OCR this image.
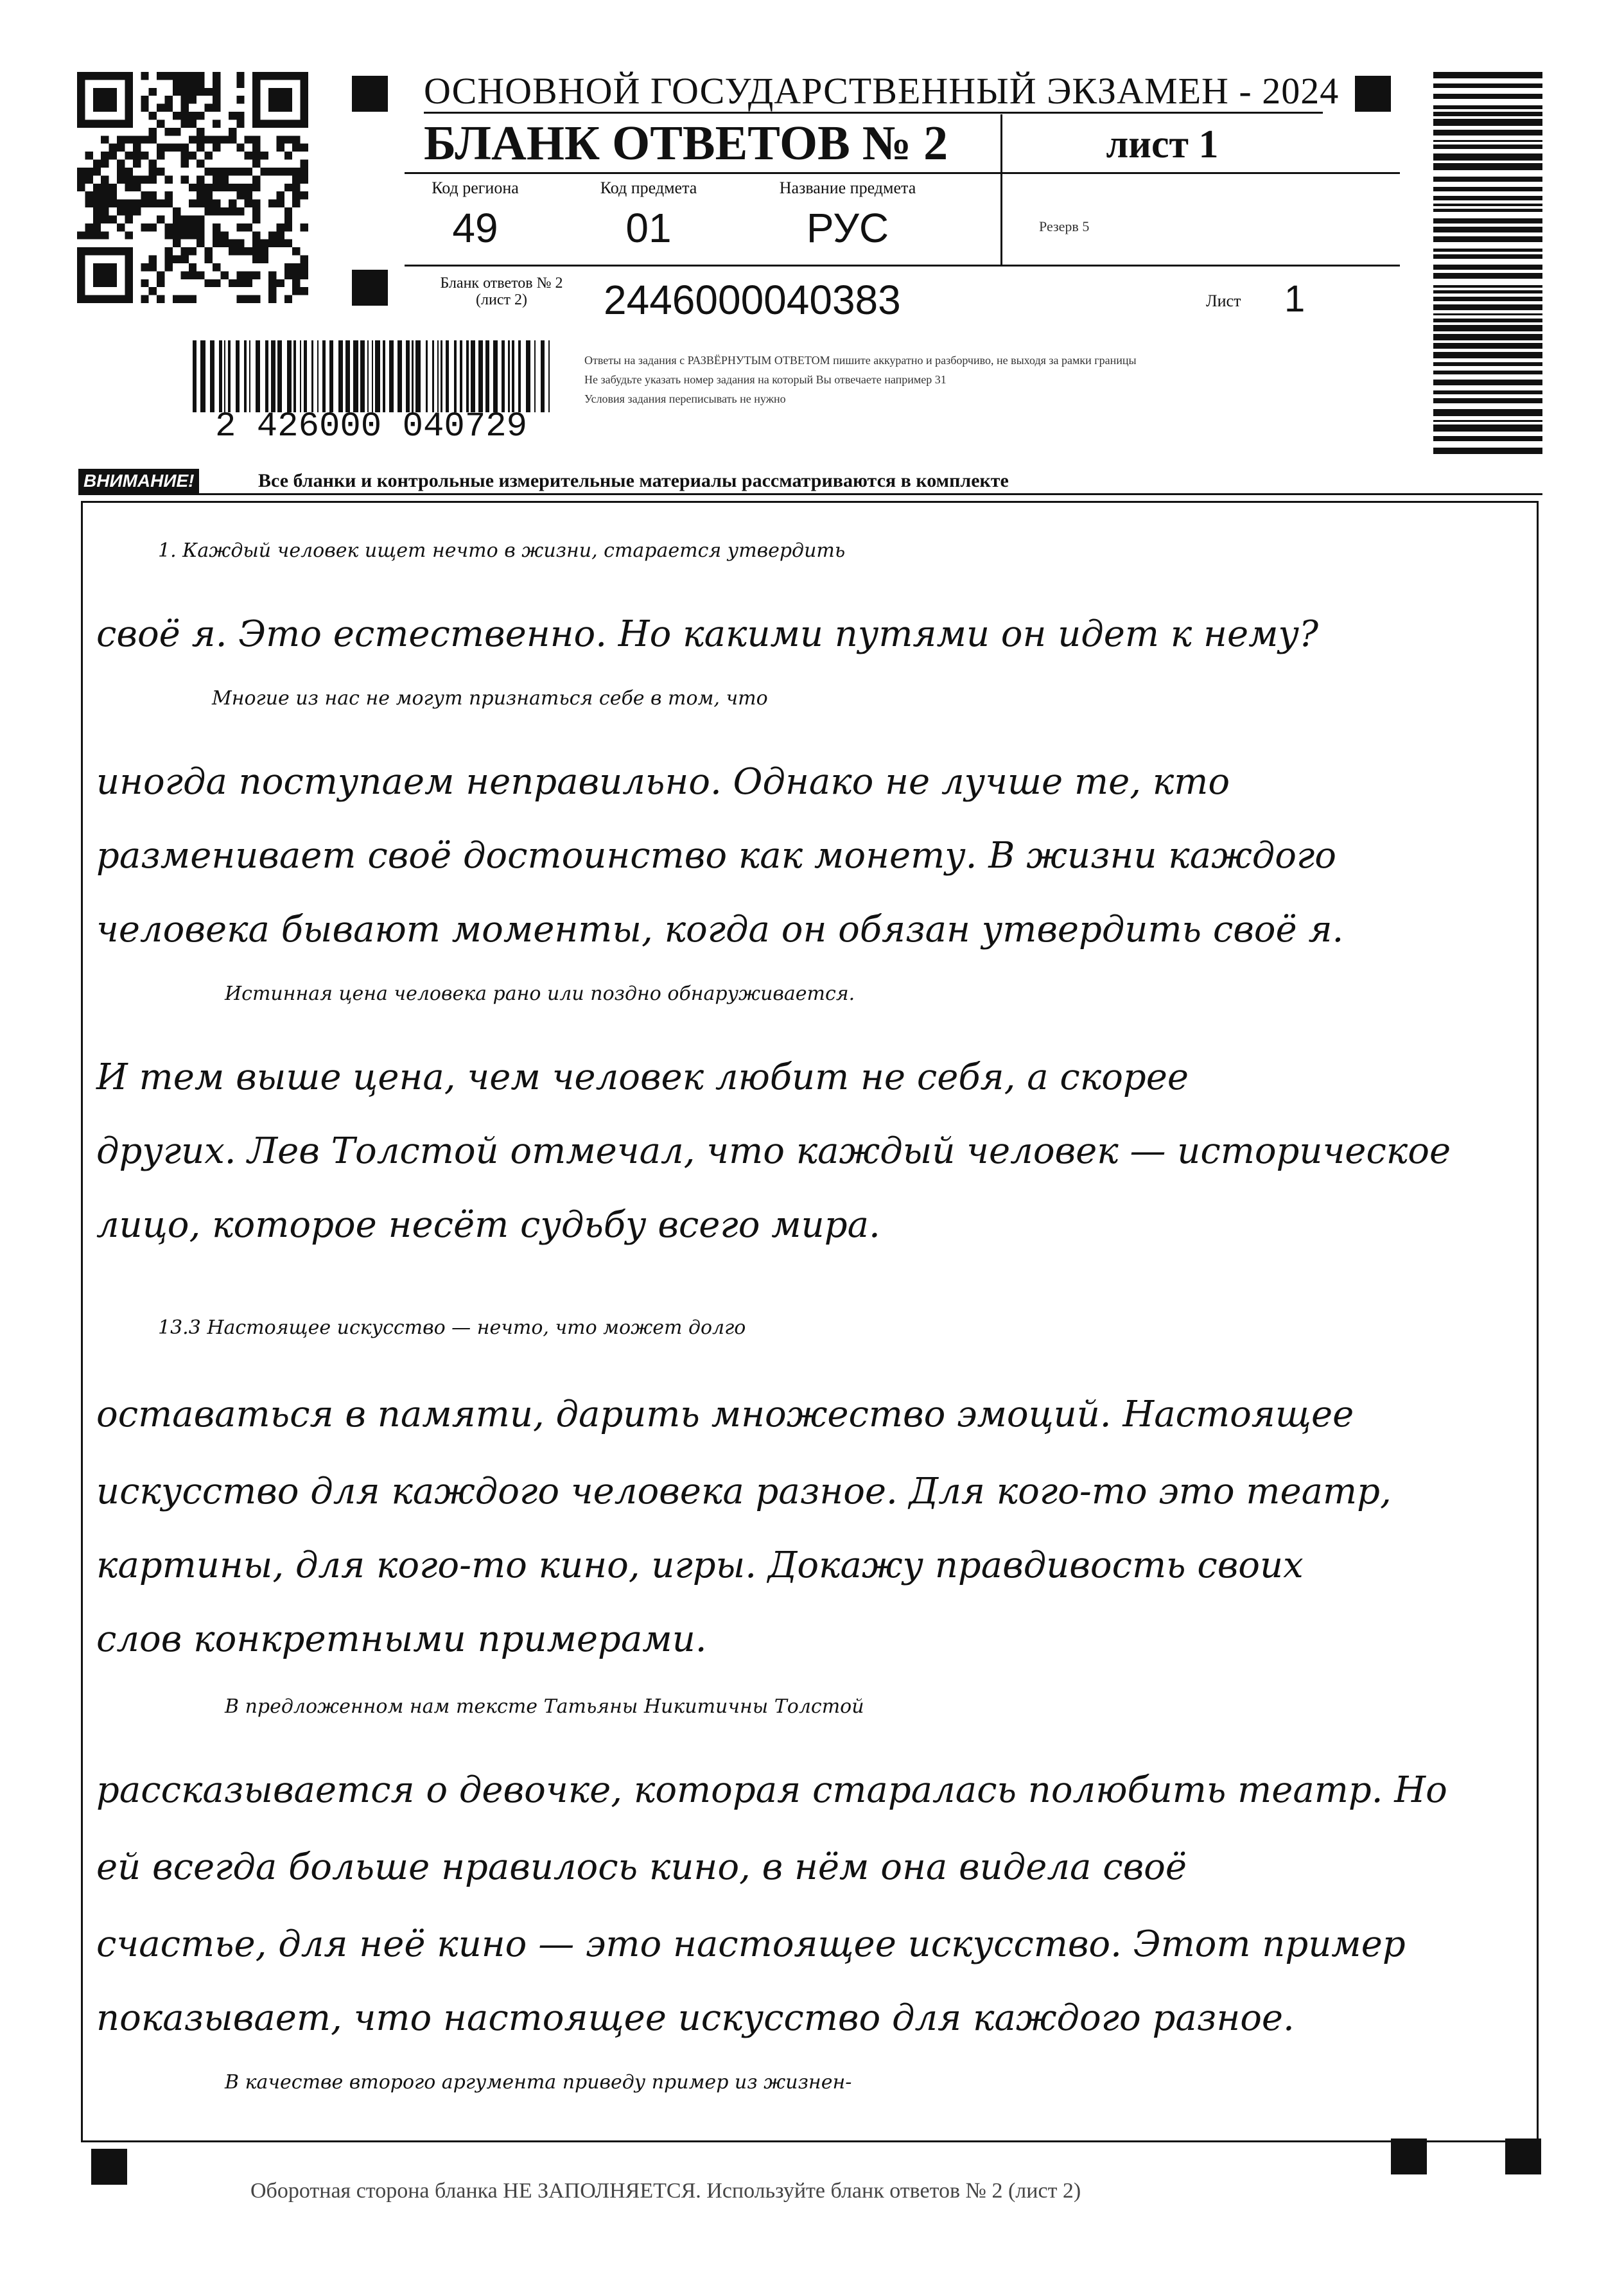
ОСНОВНОЙ ГОСУДАРСТВЕННЫЙ ЭКЗАМЕН - 2024
БЛАНК ОТВЕТОВ № 2	лист 1
Код региона
49
Код предмета
01
Название предмета
РУС	Резерв 5
Бланк ответов № 2
(лист 2)	2446000040383	Лист 1
Ответы на задания с РАЗВЁРНУТЫМ ОТВЕТОМ пишите аккуратно и разборчиво, не выходя за рамки границы
Не забудьте указать номер задания на который Вы отвечаете например 31
Условия задания переписывать не нужно
2 426000 040729
ВНИМАНИЕ!	Все бланки и контрольные измерительные материалы рассматриваются в комплекте
1. Каждый человек ищет нечто в жизни, старается утвердить
своё я. Это естественно. Но какими путями он идет к нему?
Многие из нас не могут признаться себе в том, что
иногда поступаем неправильно. Однако не лучше те, кто
разменивает своё достоинство как монету. В жизни каждого
человека бывают моменты, когда он обязан утвердить своё я.
Истинная цена человека рано или поздно обнаруживается.
И тем выше цена, чем человек любит не себя, а скорее
других. Лев Толстой отмечал, что каждый человек — историческое
лицо, которое несёт судьбу всего мира.
13.3 Настоящее искусство — нечто, что может долго
оставаться в памяти, дарить множество эмоций. Настоящее
искусство для каждого человека разное. Для кого-то это театр,
картины, для кого-то кино, игры. Докажу правдивость своих
слов конкретными примерами.
В предложенном нам тексте Татьяны Никитичны Толстой
рассказывается о девочке, которая старалась полюбить театр. Но
ей всегда больше нравилось кино, в нём она видела своё
счастье, для неё кино — это настоящее искусство. Этот пример
показывает, что настоящее искусство для каждого разное.
В качестве второго аргумента приведу пример из жизнен-
Оборотная сторона бланка НЕ ЗАПОЛНЯЕТСЯ. Используйте бланк ответов № 2 (лист 2)
